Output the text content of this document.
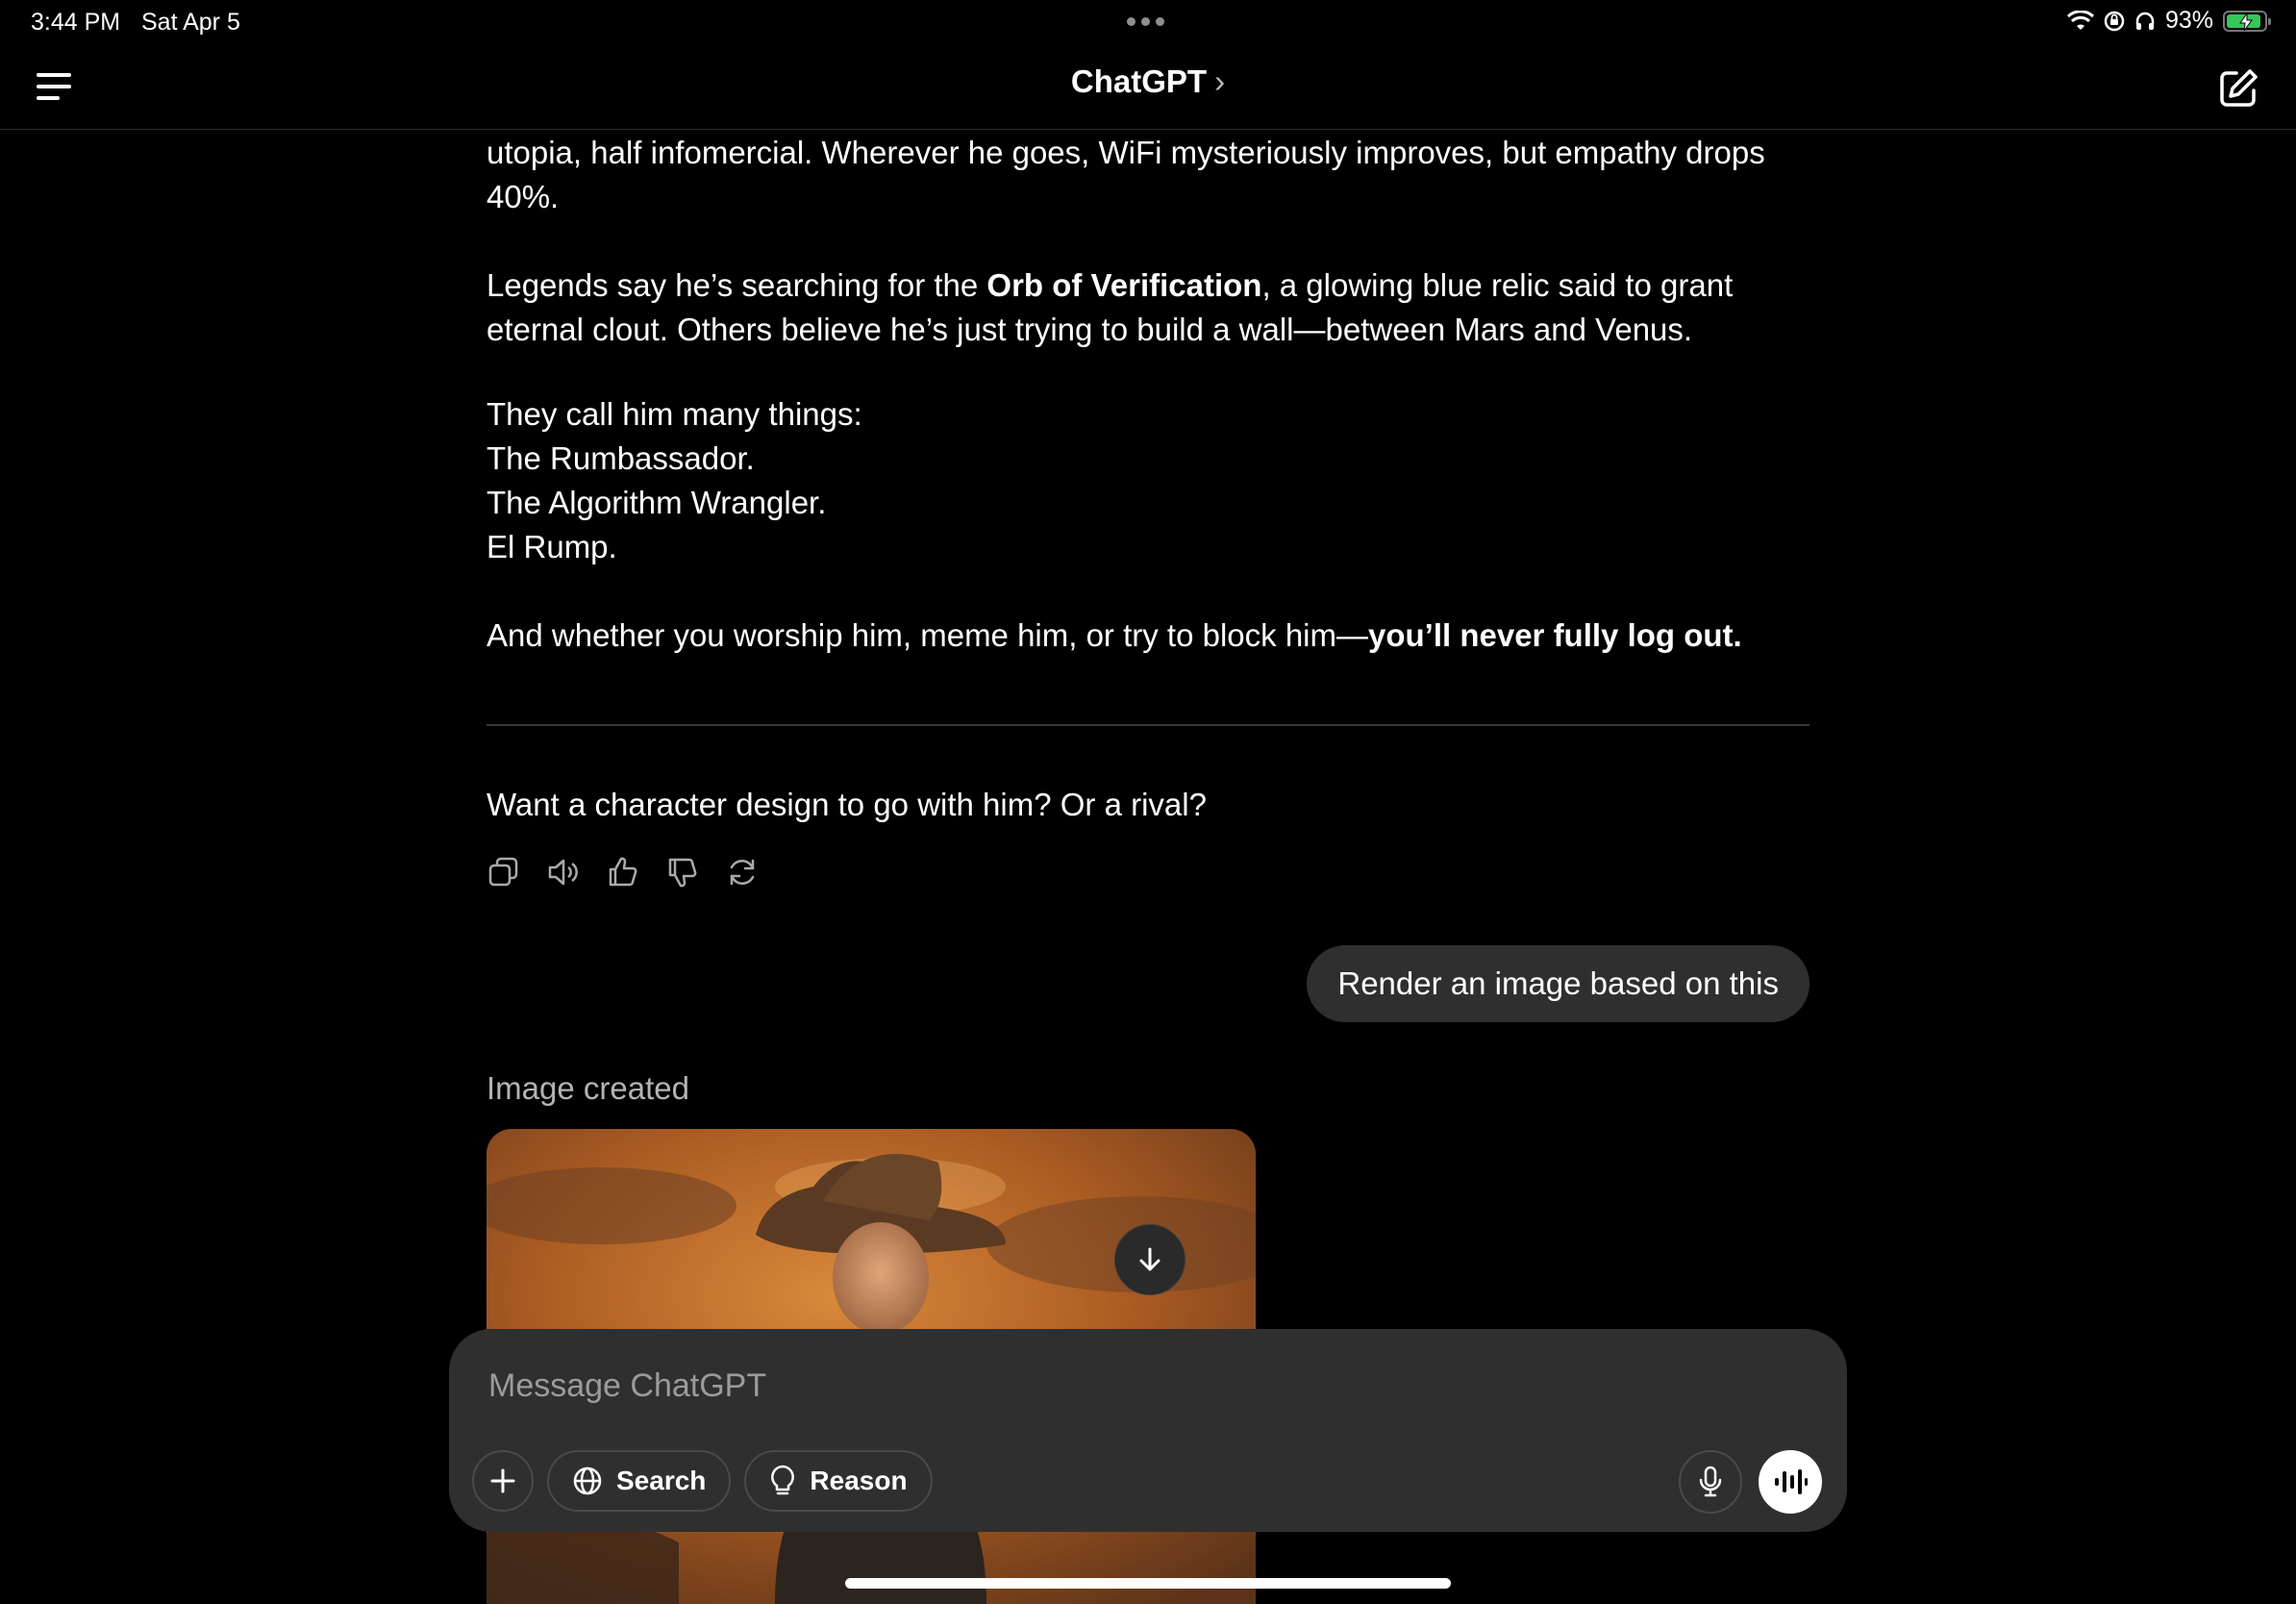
3:44 PM Sat Apr 5	93%
ChatGPT ›

utopia, half infomercial. Wherever he goes, WiFi mysteriously improves, but empathy drops 40%.

Legends say he’s searching for the Orb of Verification, a glowing blue relic said to grant eternal clout. Others believe he’s just trying to build a wall—between Mars and Venus.

They call him many things:
The Rumbassador.
The Algorithm Wrangler.
El Rump.

And whether you worship him, meme him, or try to block him—you’ll never fully log out.

Want a character design to go with him? Or a rival?

Render an image based on this
Image created
Message ChatGPT
Search	Reason
